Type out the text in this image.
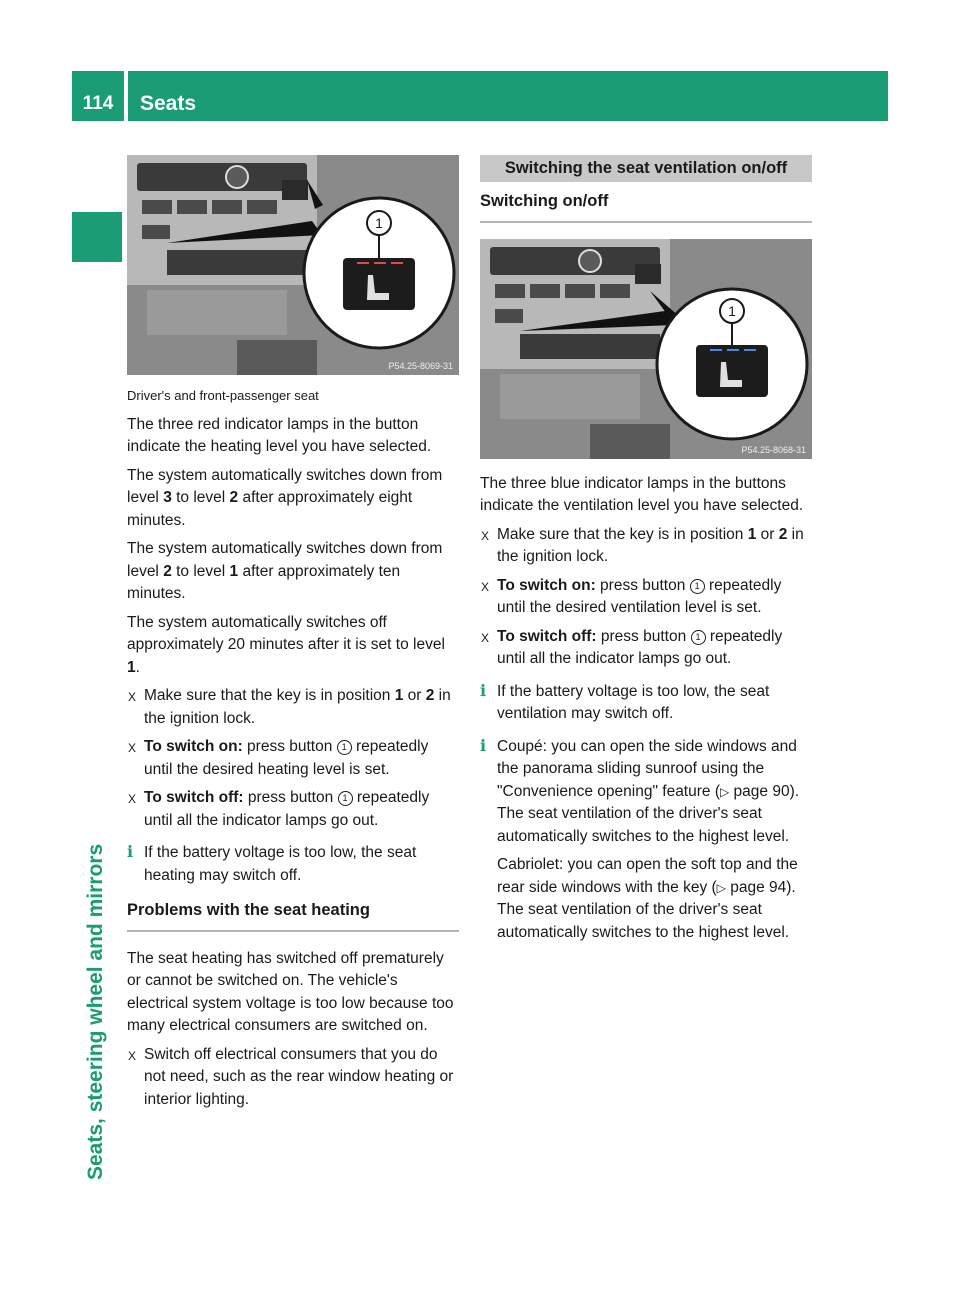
114	Seats
Seats, steering wheel and mirrors
1
P54.25-8069-31
Driver's and front-passenger seat

The three red indicator lamps in the button indicate the heating level you have selected.

The system automatically switches down from level 3 to level 2 after approximately eight minutes.

The system automatically switches down from level 2 to level 1 after approximately ten minutes.

The system automatically switches off approximately 20 minutes after it is set to level 1.

X Make sure that the key is in position 1 or 2 in the ignition lock.
X To switch on: press button 1 repeatedly until the desired heating level is set.
X To switch off: press button 1 repeatedly until all the indicator lamps go out.
i If the battery voltage is too low, the seat heating may switch off.
Problems with the seat heating

The seat heating has switched off prematurely or cannot be switched on. The vehicle's electrical system voltage is too low because too many electrical consumers are switched on.

X Switch off electrical consumers that you do not need, such as the rear window heating or interior lighting.
Switching the seat ventilation on/off
Switching on/off
1
P54.25-8068-31

The three blue indicator lamps in the buttons indicate the ventilation level you have selected.

X Make sure that the key is in position 1 or 2 in the ignition lock.
X To switch on: press button 1 repeatedly until the desired ventilation level is set.
X To switch off: press button 1 repeatedly until all the indicator lamps go out.
i If the battery voltage is too low, the seat ventilation may switch off.
i Coupé: you can open the side windows and the panorama sliding sunroof using the "Convenience opening" feature (▷ page 90). The seat ventilation of the driver's seat automatically switches to the highest level.
Cabriolet: you can open the soft top and the rear side windows with the key (▷ page 94). The seat ventilation of the driver's seat automatically switches to the highest level.
